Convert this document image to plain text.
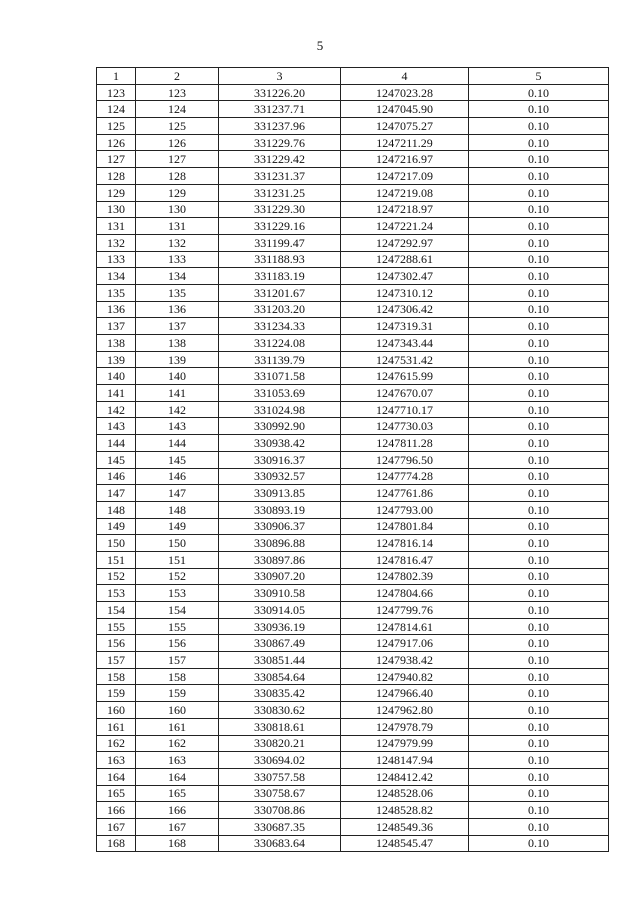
5
1	2	3	4	5
123	123	331226.20	1247023.28	0.10
124	124	331237.71	1247045.90	0.10
125	125	331237.96	1247075.27	0.10
126	126	331229.76	1247211.29	0.10
127	127	331229.42	1247216.97	0.10
128	128	331231.37	1247217.09	0.10
129	129	331231.25	1247219.08	0.10
130	130	331229.30	1247218.97	0.10
131	131	331229.16	1247221.24	0.10
132	132	331199.47	1247292.97	0.10
133	133	331188.93	1247288.61	0.10
134	134	331183.19	1247302.47	0.10
135	135	331201.67	1247310.12	0.10
136	136	331203.20	1247306.42	0.10
137	137	331234.33	1247319.31	0.10
138	138	331224.08	1247343.44	0.10
139	139	331139.79	1247531.42	0.10
140	140	331071.58	1247615.99	0.10
141	141	331053.69	1247670.07	0.10
142	142	331024.98	1247710.17	0.10
143	143	330992.90	1247730.03	0.10
144	144	330938.42	1247811.28	0.10
145	145	330916.37	1247796.50	0.10
146	146	330932.57	1247774.28	0.10
147	147	330913.85	1247761.86	0.10
148	148	330893.19	1247793.00	0.10
149	149	330906.37	1247801.84	0.10
150	150	330896.88	1247816.14	0.10
151	151	330897.86	1247816.47	0.10
152	152	330907.20	1247802.39	0.10
153	153	330910.58	1247804.66	0.10
154	154	330914.05	1247799.76	0.10
155	155	330936.19	1247814.61	0.10
156	156	330867.49	1247917.06	0.10
157	157	330851.44	1247938.42	0.10
158	158	330854.64	1247940.82	0.10
159	159	330835.42	1247966.40	0.10
160	160	330830.62	1247962.80	0.10
161	161	330818.61	1247978.79	0.10
162	162	330820.21	1247979.99	0.10
163	163	330694.02	1248147.94	0.10
164	164	330757.58	1248412.42	0.10
165	165	330758.67	1248528.06	0.10
166	166	330708.86	1248528.82	0.10
167	167	330687.35	1248549.36	0.10
168	168	330683.64	1248545.47	0.10
